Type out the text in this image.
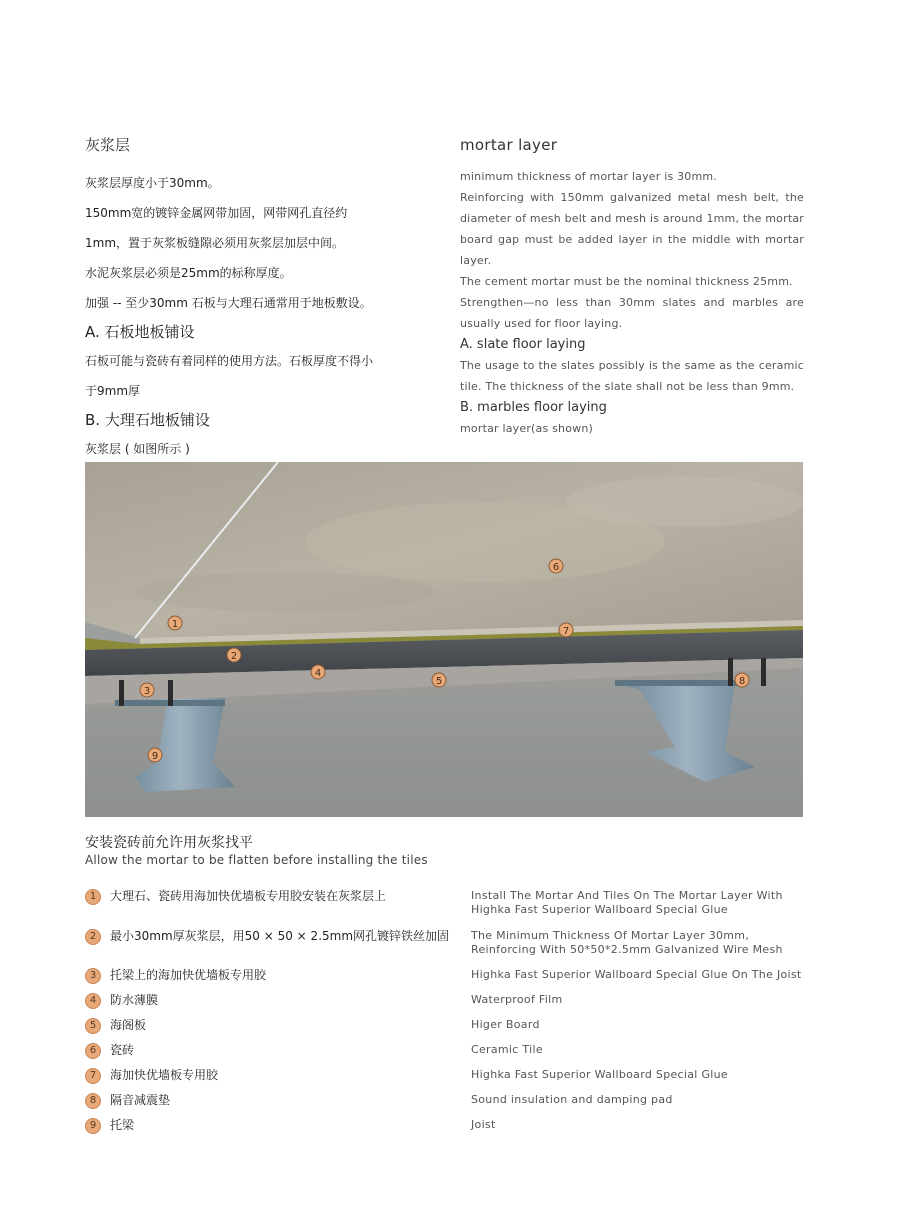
灰浆层

灰浆层厚度小于30mm。

150mm宽的镀锌金属网带加固，网带网孔直径约

1mm，置于灰浆板缝隙必须用灰浆层加层中间。

水泥灰浆层必须是25mm的标称厚度。

加强 -- 至少30mm 石板与大理石通常用于地板敷设。

A. 石板地板铺设

石板可能与瓷砖有着同样的使用方法。石板厚度不得小

于9mm厚

B. 大理石地板铺设

灰浆层 ( 如图所示 )

mortar layer

minimum thickness of mortar layer is 30mm.

Reinforcing with 150mm galvanized metal mesh belt, the diameter of mesh belt and mesh is around 1mm, the mortar board gap must be added layer in the middle with mortar layer.

The cement mortar must be the nominal thickness 25mm.

Strengthen—no less than 30mm slates and marbles are usually used for floor laying.

A. slate floor laying

The usage to the slates possibly is the same as the ceramic tile. The thickness of the slate shall not be less than 9mm.

B. marbles floor laying

mortar layer(as shown)

1
2
3
4
5
6
7
8
9
安装瓷砖前允许用灰浆找平
Allow the mortar to be flatten before installing the tiles
1	大理石、瓷砖用海加快优墙板专用胶安装在灰浆层上	Install The Mortar And Tiles On The Mortar Layer With Highka Fast Superior Wallboard Special Glue
2	最小30mm厚灰浆层，用50 × 50 × 2.5mm网孔镀锌铁丝加固 The Minimum Thickness Of Mortar Layer 30mm, Reinforcing With 50*50*2.5mm Galvanized Wire Mesh
3	托梁上的海加快优墙板专用胶	Highka Fast Superior Wallboard Special Glue On The Joist
4	防水薄膜	Waterproof Film
5	海阁板	Higer Board
6	瓷砖	Ceramic Tile
7	海加快优墙板专用胶	Highka Fast Superior Wallboard Special Glue
8	隔音减震垫	Sound insulation and damping pad
9	托梁	Joist
